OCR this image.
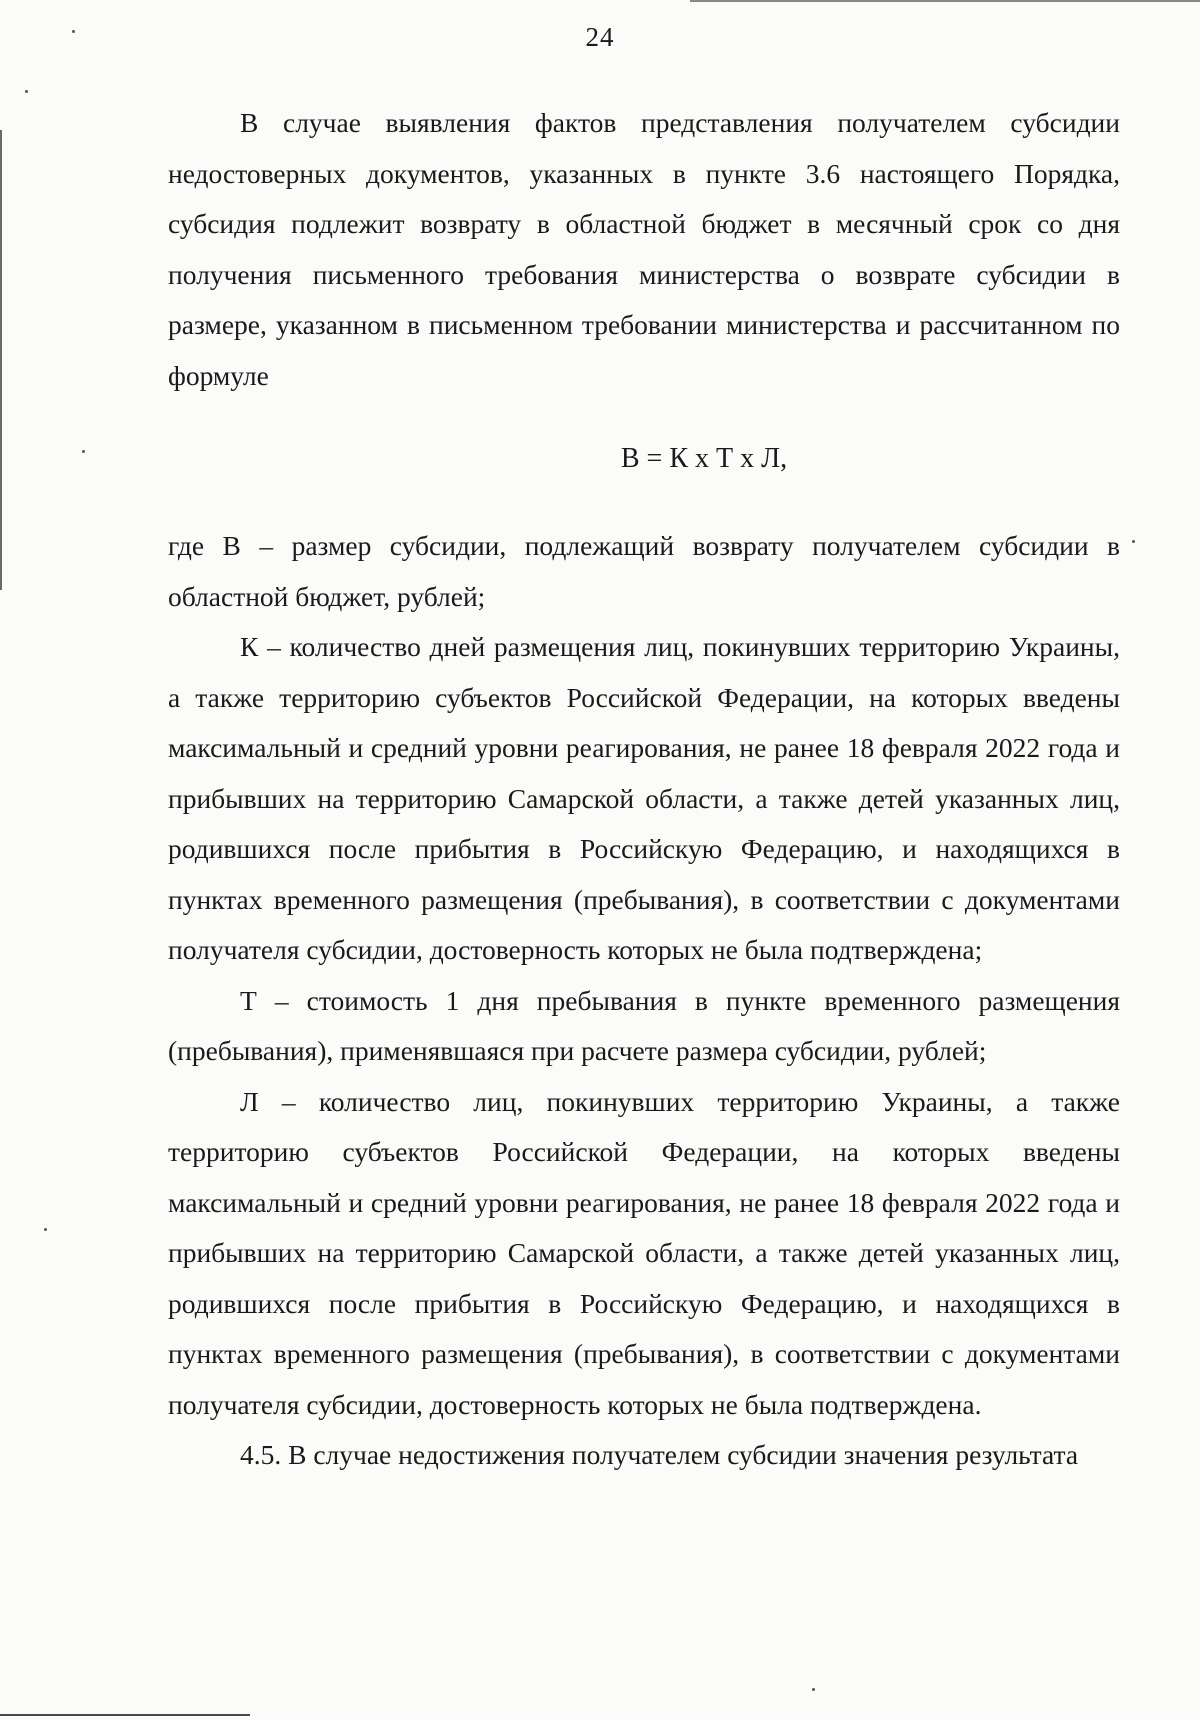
24

В случае выявления фактов представления получателем субсидии недостоверных документов, указанных в пункте 3.6 настоящего Порядка, субсидия подлежит возврату в областной бюджет в месячный срок со дня получения письменного требования министерства о возврате субсидии в размере, указанном в письменном требовании министерства и рассчитанном по формуле

В = К х Т х Л,

где В – размер субсидии, подлежащий возврату получателем субсидии в областной бюджет, рублей;

К – количество дней размещения лиц, покинувших территорию Украины, а также территорию субъектов Российской Федерации, на которых введены максимальный и средний уровни реагирования, не ранее 18 февраля 2022 года и прибывших на территорию Самарской области, а также детей указанных лиц, родившихся после прибытия в Российскую Федерацию, и находящихся в пунктах временного размещения (пребывания), в соответствии с документами получателя субсидии, достоверность которых не была подтверждена;

Т – стоимость 1 дня пребывания в пункте временного размещения (пребывания), применявшаяся при расчете размера субсидии, рублей;

Л – количество лиц, покинувших территорию Украины, а также территорию субъектов Российской Федерации, на которых введены максимальный и средний уровни реагирования, не ранее 18 февраля 2022 года и прибывших на территорию Самарской области, а также детей указанных лиц, родившихся после прибытия в Российскую Федерацию, и находящихся в пунктах временного размещения (пребывания), в соответствии с документами получателя субсидии, достоверность которых не была подтверждена.

4.5. В случае недостижения получателем субсидии значения результата
